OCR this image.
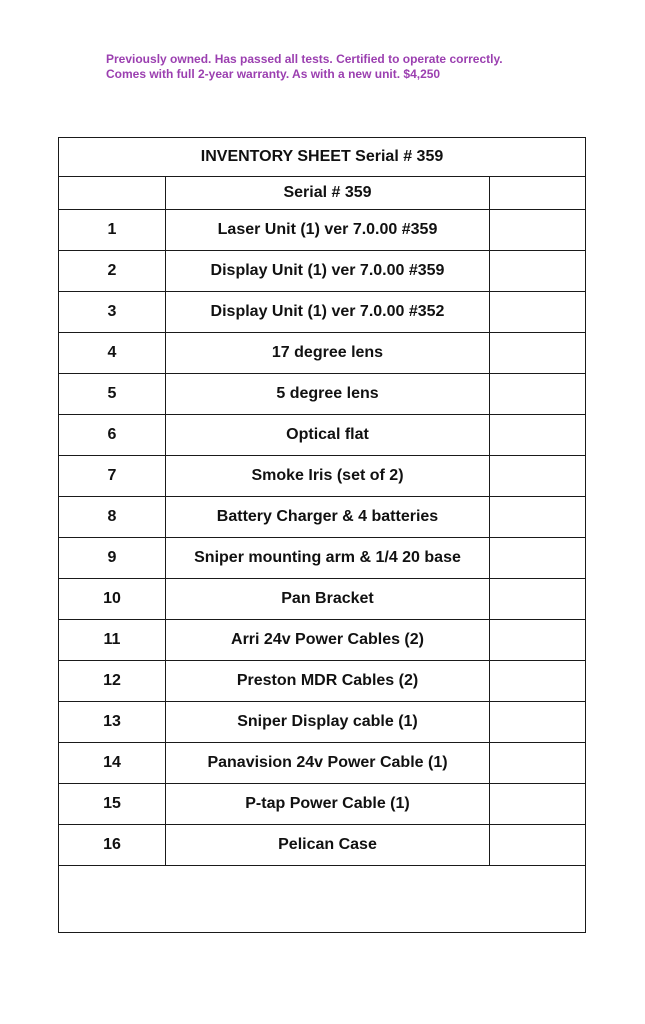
Previously owned. Has passed all tests. Certified to operate correctly.
Comes with full 2-year warranty. As with a new unit. $4,250
INVENTORY SHEET Serial # 359		
	Serial # 359	
1	Laser Unit (1) ver 7.0.00 #359	
2	Display Unit (1) ver 7.0.00 #359	
3	Display Unit (1) ver 7.0.00 #352	
4	17 degree lens	
5	5 degree lens	
6	Optical flat	
7	Smoke Iris (set of 2)	
8	Battery Charger & 4 batteries	
9	Sniper mounting arm & 1/4 20 base	
10	Pan Bracket	
11	Arri 24v Power Cables (2)	
12	Preston MDR Cables (2)	
13	Sniper Display cable (1)	
14	Panavision 24v Power Cable (1)	
15	P-tap Power Cable (1)	
16	Pelican Case	
